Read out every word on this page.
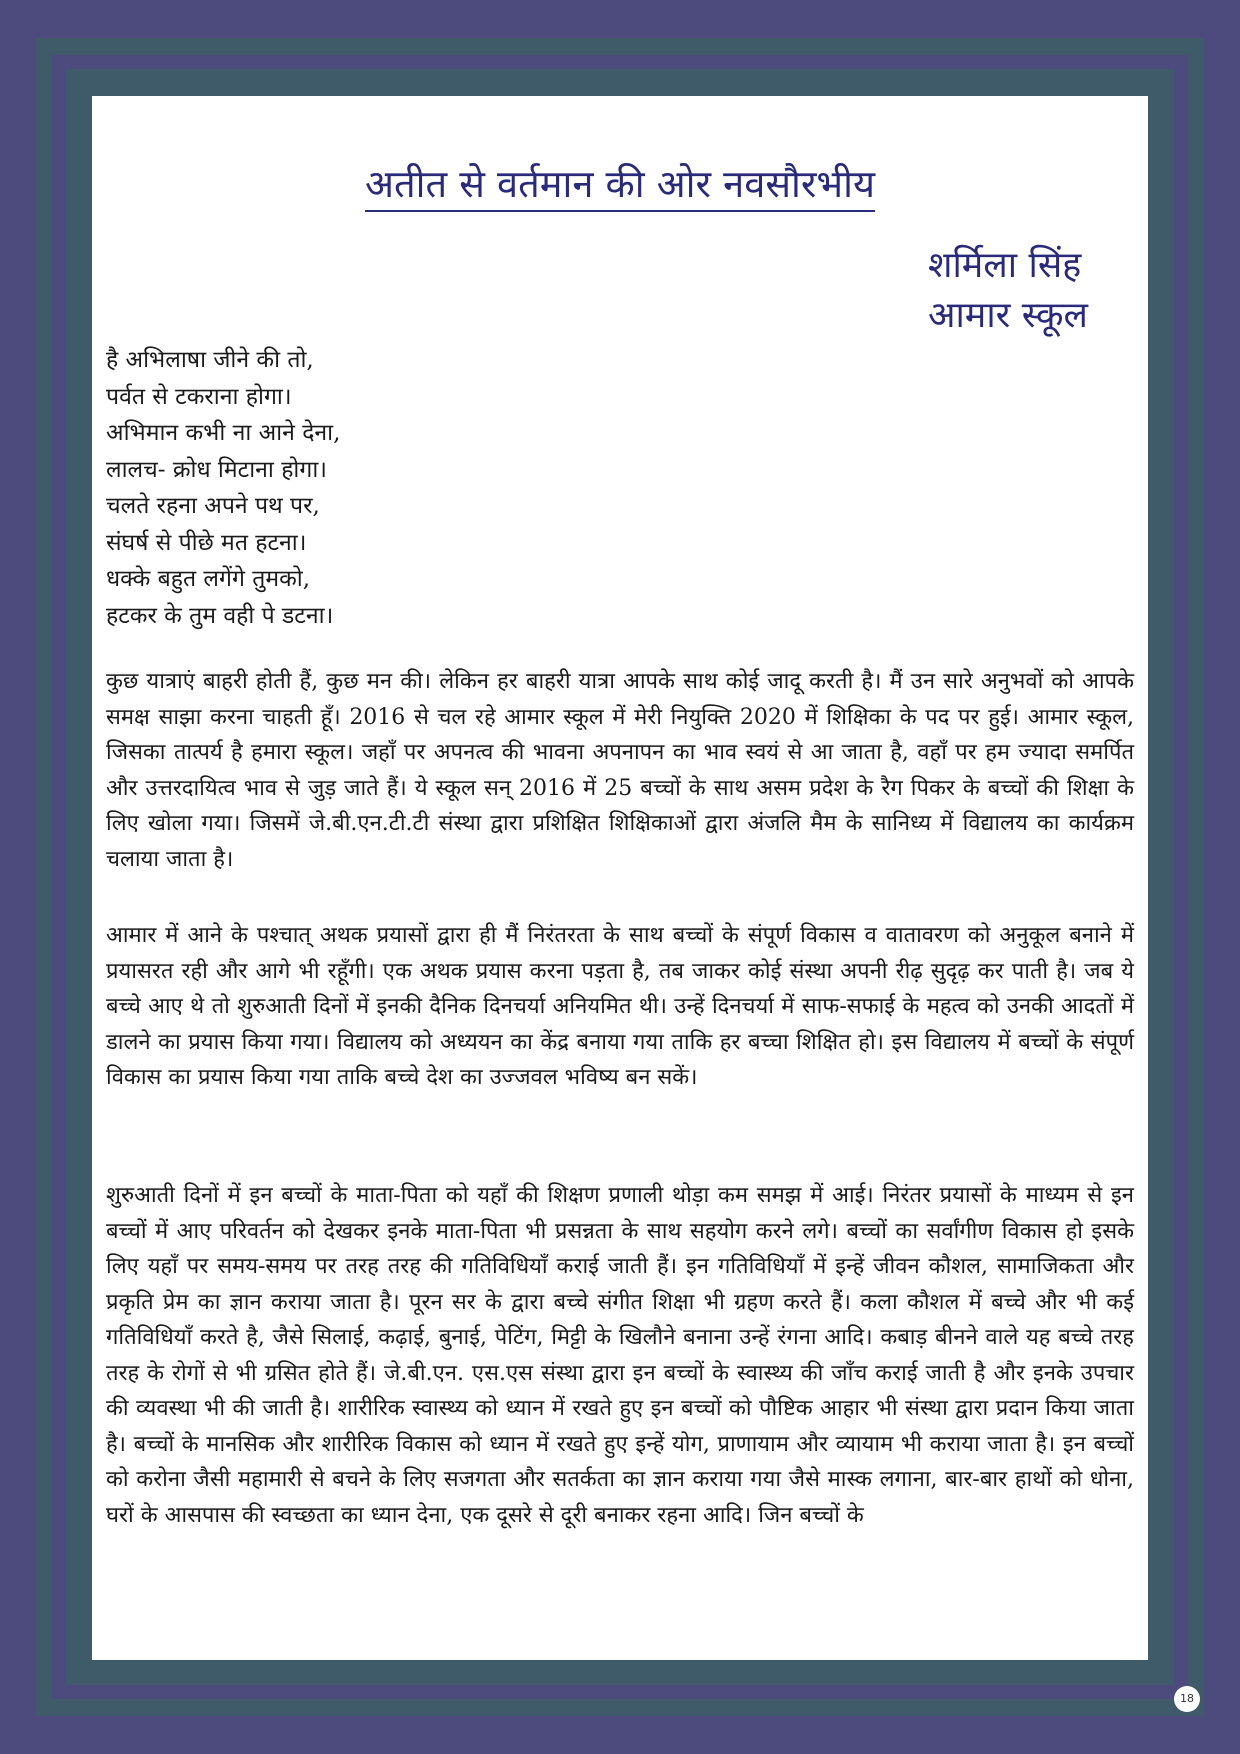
अतीत से वर्तमान की ओर नवसौरभीय
शर्मिला सिंह
आमार स्कूल
है अभिलाषा जीने की तो,
पर्वत से टकराना होगा।
अभिमान कभी ना आने देना,
लालच- क्रोध मिटाना होगा।
चलते रहना अपने पथ पर,
संघर्ष से पीछे मत हटना।
धक्के बहुत लगेंगे तुमको,
हटकर के तुम वही पे डटना।

कुछ यात्राएं बाहरी होती हैं, कुछ मन की। लेकिन हर बाहरी यात्रा आपके साथ कोई जादू करती है। मैं उन सारे अनुभवों को आपके समक्ष साझा करना चाहती हूँ। 2016 से चल रहे आमार स्कूल में मेरी नियुक्ति 2020 में शिक्षिका के पद पर हुई। आमार स्कूल, जिसका तात्पर्य है हमारा स्कूल। जहाँ पर अपनत्व की भावना अपनापन का भाव स्वयं से आ जाता है, वहाँ पर हम ज्यादा समर्पित और उत्तरदायित्व भाव से जुड़ जाते हैं। ये स्कूल सन् 2016 में 25 बच्चों के साथ असम प्रदेश के रैग पिकर के बच्चों की शिक्षा के लिए खोला गया। जिसमें जे.बी.एन.टी.टी संस्था द्वारा प्रशिक्षित शिक्षिकाओं द्वारा अंजलि मैम के सानिध्य में विद्यालय का कार्यक्रम चलाया जाता है।

आमार में आने के पश्चात् अथक प्रयासों द्वारा ही मैं निरंतरता के साथ बच्चों के संपूर्ण विकास व वातावरण को अनुकूल बनाने में प्रयासरत रही और आगे भी रहूँगी। एक अथक प्रयास करना पड़ता है, तब जाकर कोई संस्था अपनी रीढ़ सुदृढ़ कर पाती है। जब ये बच्चे आए थे तो शुरुआती दिनों में इनकी दैनिक दिनचर्या अनियमित थी। उन्हें दिनचर्या में साफ-सफाई के महत्व को उनकी आदतों में डालने का प्रयास किया गया। विद्यालय को अध्ययन का केंद्र बनाया गया ताकि हर बच्चा शिक्षित हो। इस विद्यालय में बच्चों के संपूर्ण विकास का प्रयास किया गया ताकि बच्चे देश का उज्जवल भविष्य बन सकें।

शुरुआती दिनों में इन बच्चों के माता-पिता को यहाँ की शिक्षण प्रणाली थोड़ा कम समझ में आई। निरंतर प्रयासों के माध्यम से इन बच्चों में आए परिवर्तन को देखकर इनके माता-पिता भी प्रसन्नता के साथ सहयोग करने लगे। बच्चों का सर्वांगीण विकास हो इसके लिए यहाँ पर समय-समय पर तरह तरह की गतिविधियाँ कराई जाती हैं। इन गतिविधियाँ में इन्हें जीवन कौशल, सामाजिकता और प्रकृति प्रेम का ज्ञान कराया जाता है। पूरन सर के द्वारा बच्चे संगीत शिक्षा भी ग्रहण करते हैं। कला कौशल में बच्चे और भी कई गतिविधियाँ करते है, जैसे सिलाई, कढ़ाई, बुनाई, पेटिंग, मिट्टी के खिलौने बनाना उन्हें रंगना आदि। कबाड़ बीनने वाले यह बच्चे तरह तरह के रोगों से भी ग्रसित होते हैं। जे.बी.एन. एस.एस संस्था द्वारा इन बच्चों के स्वास्थ्य की जाँच कराई जाती है और इनके उपचार की व्यवस्था भी की जाती है। शारीरिक स्वास्थ्य को ध्यान में रखते हुए इन बच्चों को पौष्टिक आहार भी संस्था द्वारा प्रदान किया जाता है। बच्चों के मानसिक और शारीरिक विकास को ध्यान में रखते हुए इन्हें योग, प्राणायाम और व्यायाम भी कराया जाता है। इन बच्चों को करोना जैसी महामारी से बचने के लिए सजगता और सतर्कता का ज्ञान कराया गया जैसे मास्क लगाना, बार-बार हाथों को धोना, घरों के आसपास की स्वच्छता का ध्यान देना, एक दूसरे से दूरी बनाकर रहना आदि। जिन बच्चों के

18
